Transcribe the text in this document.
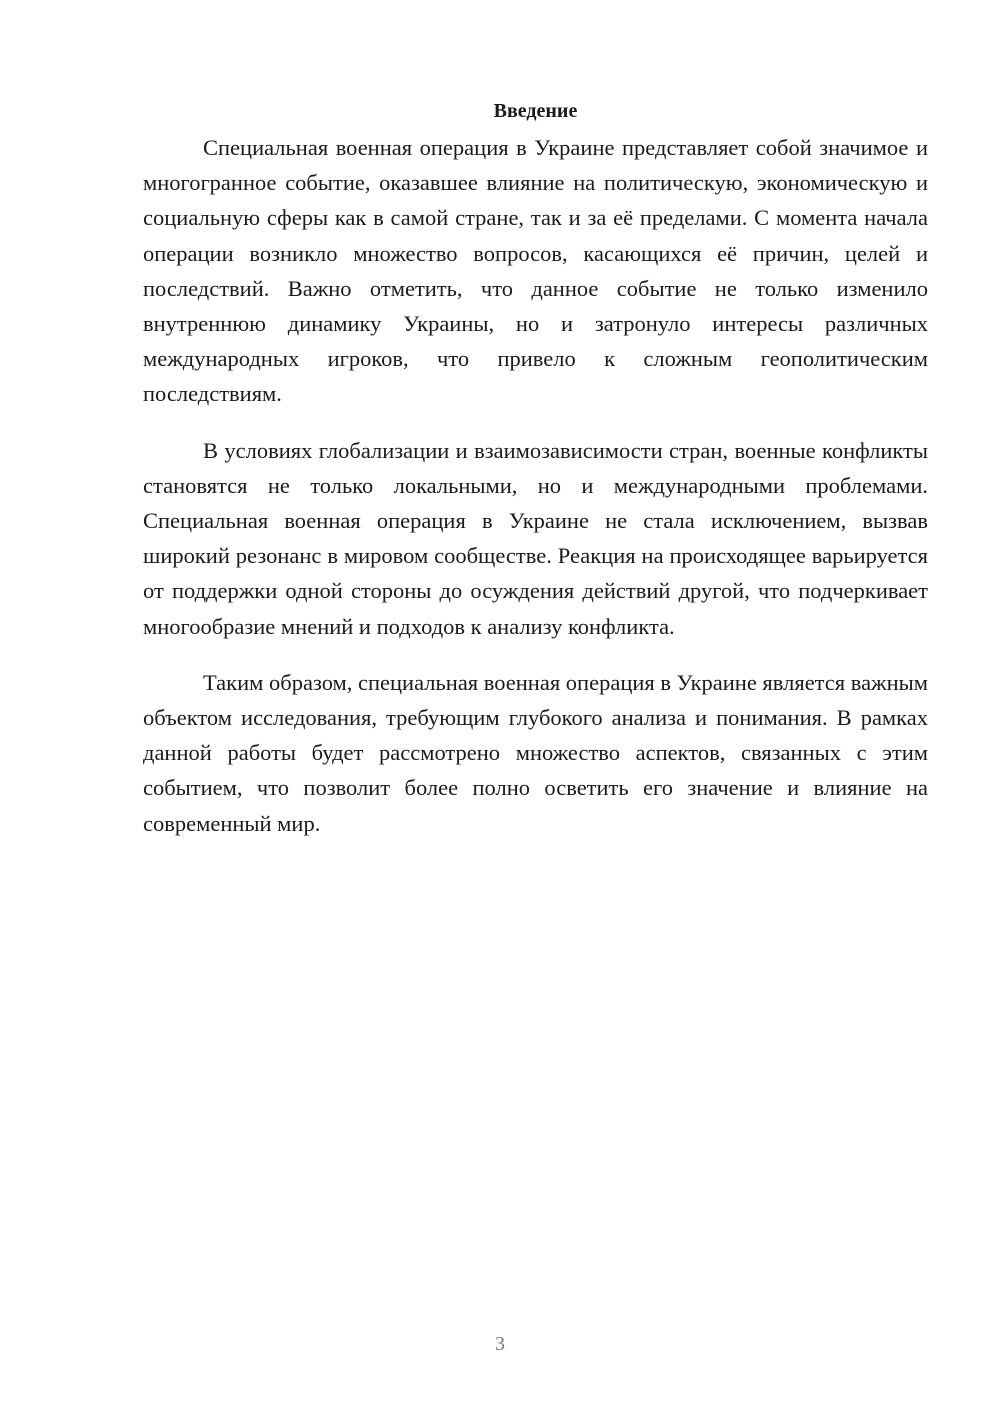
Введение

Специальная военная операция в Украине представляет собой значимое и многогранное событие, оказавшее влияние на политическую, экономическую и социальную сферы как в самой стране, так и за её пределами. С момента начала операции возникло множество вопросов, касающихся её причин, целей и последствий. Важно отметить, что данное событие не только изменило внутреннюю динамику Украины, но и затронуло интересы различных международных игроков, что привело к сложным геополитическим последствиям.

В условиях глобализации и взаимозависимости стран, военные конфликты становятся не только локальными, но и международными проблемами. Специальная военная операция в Украине не стала исключением, вызвав широкий резонанс в мировом сообществе. Реакция на происходящее варьируется от поддержки одной стороны до осуждения действий другой, что подчеркивает многообразие мнений и подходов к анализу конфликта.

Таким образом, специальная военная операция в Украине является важным объектом исследования, требующим глубокого анализа и понимания. В рамках данной работы будет рассмотрено множество аспектов, связанных с этим событием, что позволит более полно осветить его значение и влияние на современный мир.

3
